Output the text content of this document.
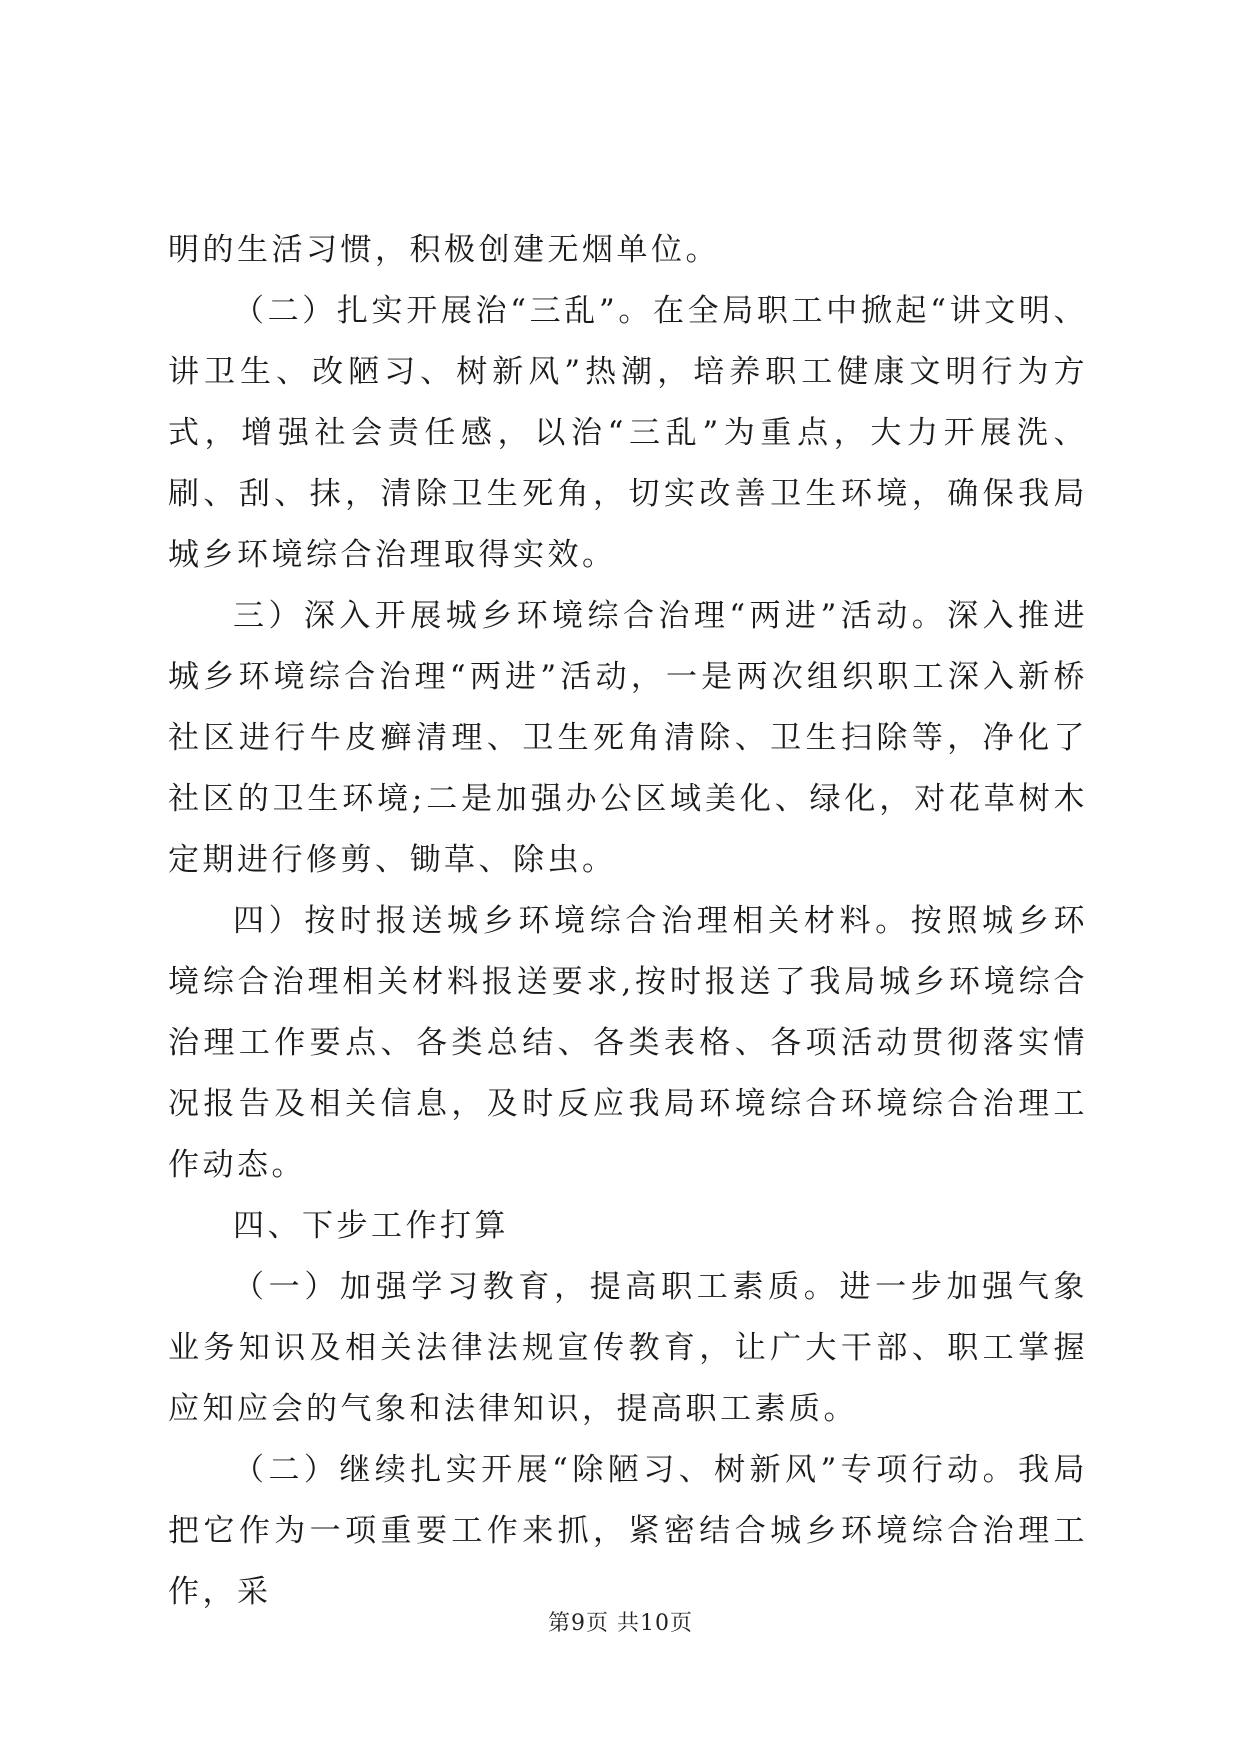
明的生活习惯，积极创建无烟单位。

（二）扎实开展治“三乱”。在全局职工中掀起“讲文明、讲卫生、改陋习、树新风”热潮，培养职工健康文明行为方式，增强社会责任感，以治“三乱”为重点，大力开展洗、刷、刮、抹，清除卫生死角，切实改善卫生环境，确保我局城乡环境综合治理取得实效。

三）深入开展城乡环境综合治理“两进”活动。深入推进城乡环境综合治理“两进”活动，一是两次组织职工深入新桥社区进行牛皮癣清理、卫生死角清除、卫生扫除等，净化了社区的卫生环境;二是加强办公区域美化、绿化，对花草树木定期进行修剪、锄草、除虫。

四）按时报送城乡环境综合治理相关材料。按照城乡环境综合治理相关材料报送要求,按时报送了我局城乡环境综合治理工作要点、各类总结、各类表格、各项活动贯彻落实情况报告及相关信息，及时反应我局环境综合环境综合治理工作动态。

四、下步工作打算

（一）加强学习教育，提高职工素质。进一步加强气象业务知识及相关法律法规宣传教育，让广大干部、职工掌握应知应会的气象和法律知识，提高职工素质。

（二）继续扎实开展“除陋习、树新风”专项行动。我局把它作为一项重要工作来抓，紧密结合城乡环境综合治理工作，采

第9页 共10页
